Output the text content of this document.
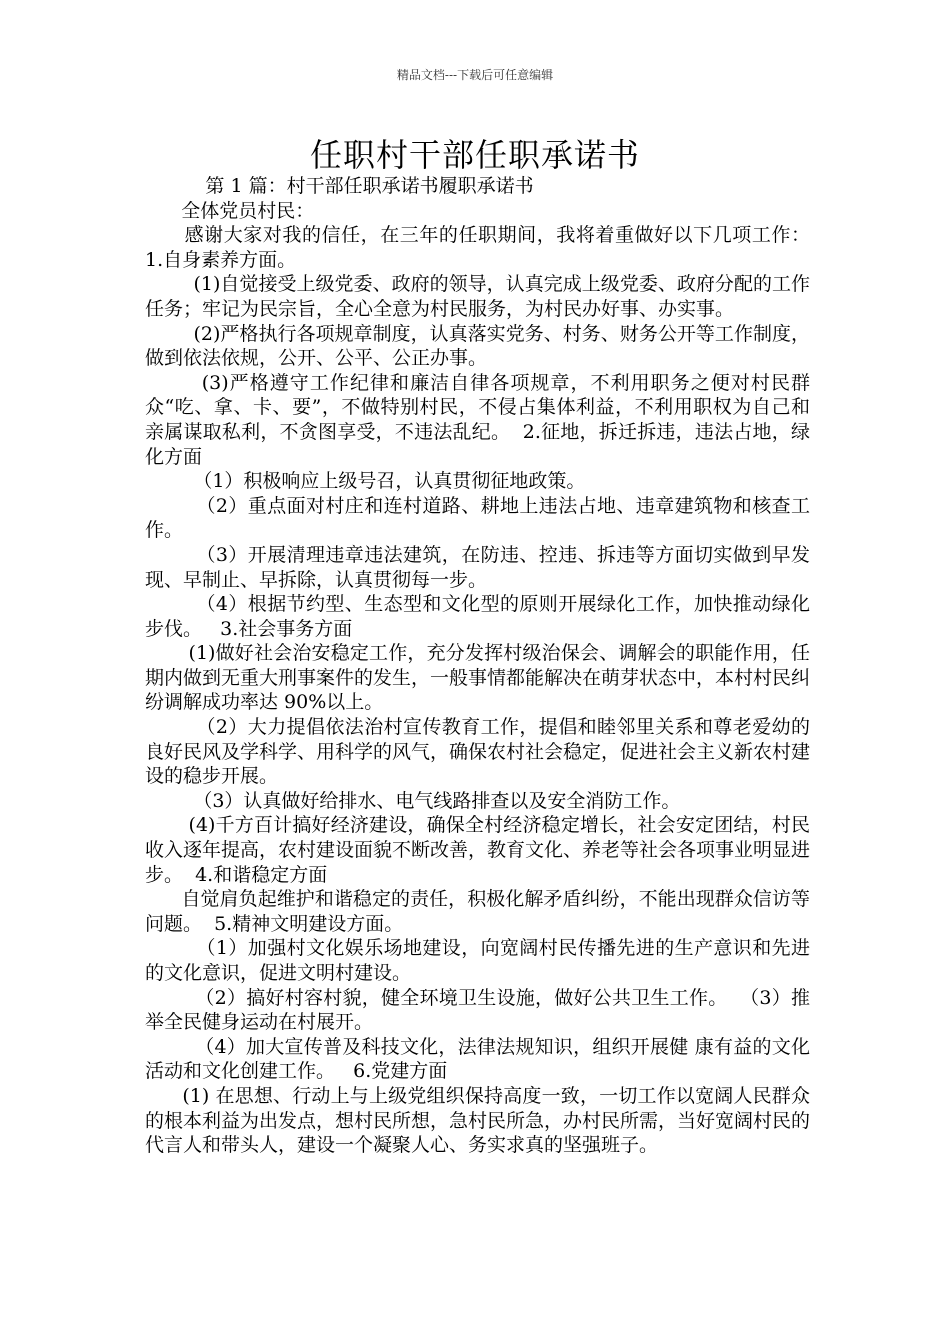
精品文档---下载后可任意编辑
任职村干部任职承诺书

第 1 篇：村干部任职承诺书履职承诺书

全体党员村民：

感谢大家对我的信任，在三年的任职期间，我将着重做好以下几项工作：  1.自身素养方面。

(1)自觉接受上级党委、政府的领导，认真完成上级党委、政府分配的工作任务；牢记为民宗旨，全心全意为村民服务，为村民办好事、办实事。

(2)严格执行各项规章制度，认真落实党务、村务、财务公开等工作制度，做到依法依规，公开、公平、公正办事。

(3)严格遵守工作纪律和廉洁自律各项规章，不利用职务之便对村民群众“吃、拿、卡、要”，不做特别村民，不侵占集体利益，不利用职权为自己和亲属谋取私利，不贪图享受，不违法乱纪。  2.征地，拆迁拆违，违法占地，绿化方面

（1）积极响应上级号召，认真贯彻征地政策。

（2）重点面对村庄和连村道路、耕地上违法占地、违章建筑物和核查工作。

（3）开展清理违章违法建筑，在防违、控违、拆违等方面切实做到早发现、早制止、早拆除，认真贯彻每一步。

（4）根据节约型、生态型和文化型的原则开展绿化工作，加快推动绿化步伐。   3.社会事务方面

(1)做好社会治安稳定工作，充分发挥村级治保会、调解会的职能作用，任期内做到无重大刑事案件的发生，一般事情都能解决在萌芽状态中，本村村民纠纷调解成功率达 90%以上。

（2）大力提倡依法治村宣传教育工作，提倡和睦邻里关系和尊老爱幼的良好民风及学科学、用科学的风气，确保农村社会稳定，促进社会主义新农村建设的稳步开展。

（3）认真做好给排水、电气线路排查以及安全消防工作。

(4)千方百计搞好经济建设，确保全村经济稳定增长，社会安定团结，村民收入逐年提高，农村建设面貌不断改善，教育文化、养老等社会各项事业明显进步。  4.和谐稳定方面

自觉肩负起维护和谐稳定的责任，积极化解矛盾纠纷，不能出现群众信访等问题。  5.精神文明建设方面。

（1）加强村文化娱乐场地建设，向宽阔村民传播先进的生产意识和先进的文化意识，促进文明村建设。

（2）搞好村容村貌，健全环境卫生设施，做好公共卫生工作。  （3）推举全民健身运动在村展开。

（4）加大宣传普及科技文化，法律法规知识，组织开展健 康有益的文化活动和文化创建工作。   6.党建方面

(1) 在思想、行动上与上级党组织保持高度一致，一切工作以宽阔人民群众的根本利益为出发点，想村民所想，急村民所急，办村民所需，当好宽阔村民的代言人和带头人，建设一个凝聚人心、务实求真的坚强班子。
